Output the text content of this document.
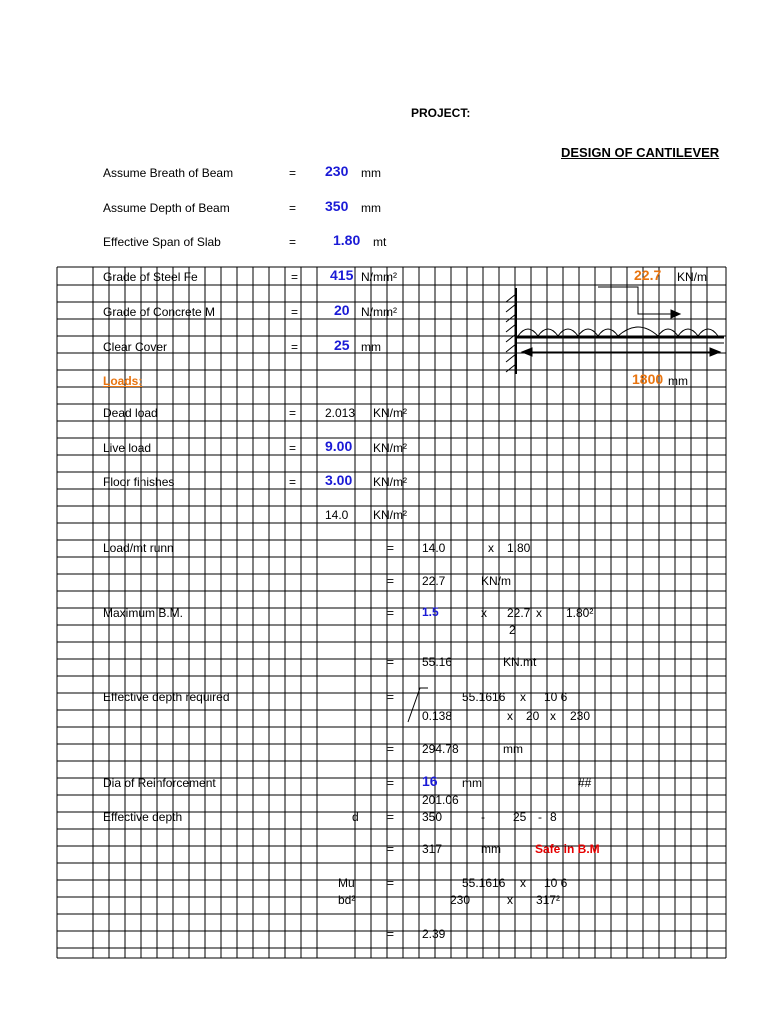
PROJECT:
DESIGN OF CANTILEVER
Assume Breath of Beam	= 230 mm
Assume Depth of Beam	= 350 mm
Effective Span of Slab	=	1.80 mt
Grade of Steel Fe	= 415 N/mm²
Grade of Concrete M	=	20 N/mm²
Clear Cover	=	25 mm
Loads:
Dead load	= 2.013 KN/m²
Live load	= 9.00 KN/m²
Floor finishes	= 3.00 KN/m²
14.0 KN/m²
22.7 KN/m
1800 mm
Load/mt runn	= 14.0	x 1.80
= 22.7	KN/m
Maximum B.M.	= 1.5	x 22.7 x 1.80²
2
= 55.16	KN.mt
Effective depth required	=	55.1616 x 10 6
0.138	x 20 x 230
= 294.78	mm
Dia of Reinforcement	= 16 mm	##
201.06
Effective depth	d = 350	- 25 - 8
= 317	mm	Safe in B.M
Mu
bd²
=	55.1616 x 10 6
230	x 317²
= 2.39
